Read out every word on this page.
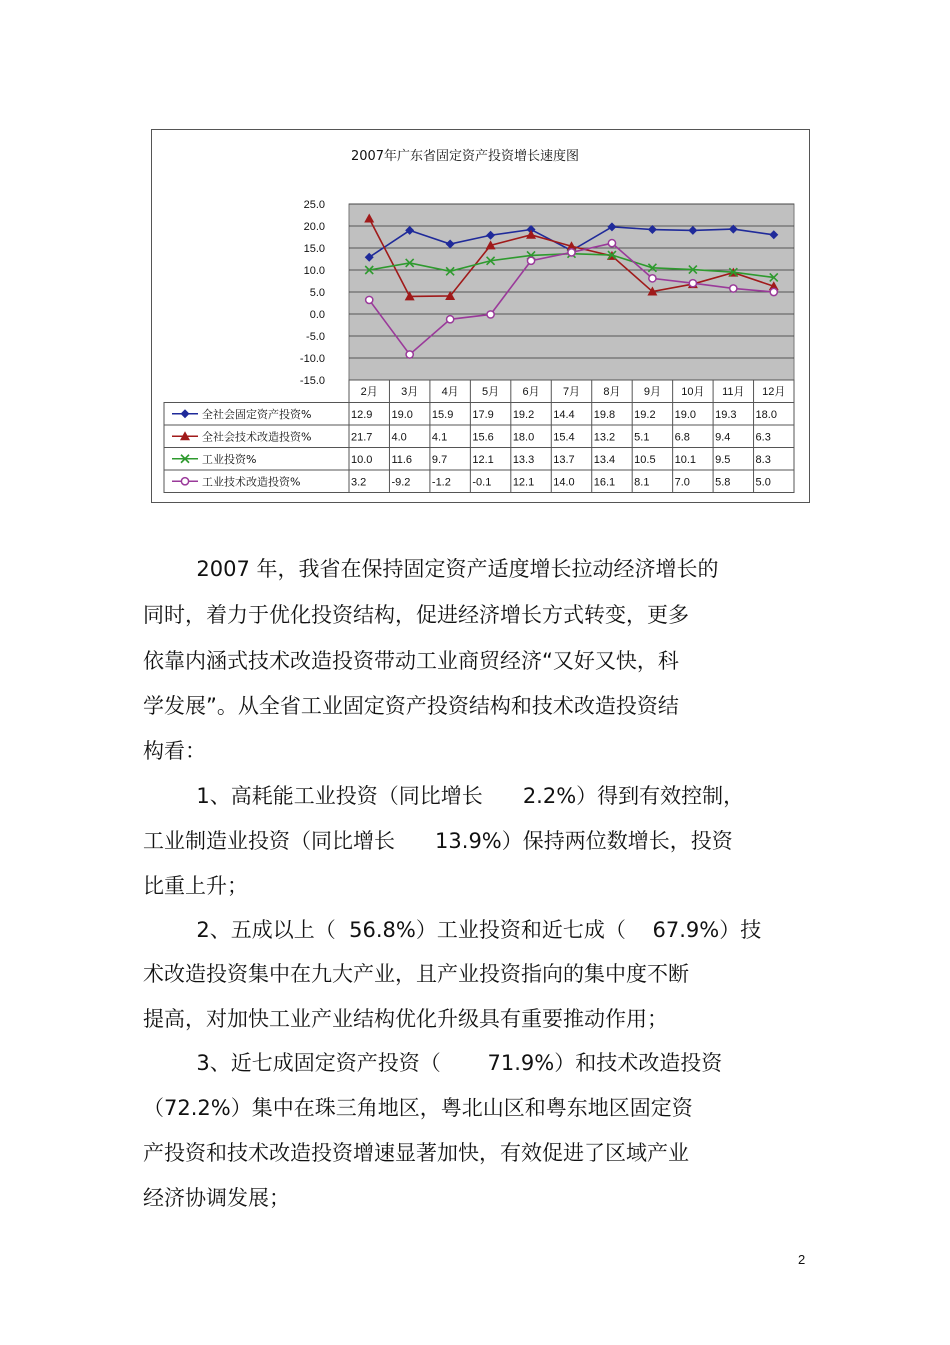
2007年广东省固定资产投资增长速度图
25.0
20.0
15.0
10.0
5.0
0.0
-5.0
-10.0
-15.0
2月 3月 4月 5月 6月 7月 8月 9月 10月 11月 12月
全社会固定资产投资%	12.9 19.0 15.9 17.9 19.2 14.4 19.8 19.2 19.0 19.3 18.0
全社会技术改造投资%	21.7 4.0 4.1 15.6 18.0 15.4 13.2 5.1 6.8 9.4 6.3
工业投资%	10.0 11.6 9.7 12.1 13.3 13.7 13.4 10.5 10.1 9.5 8.3
工业技术改造投资%	3.2 -9.2 -1.2 -0.1 12.1 14.0 16.1 8.1 7.0 5.8 5.0

2007 年，我省在保持固定资产适度增长拉动经济增长的

同时，着力于优化投资结构，促进经济增长方式转变，更多

依靠内涵式技术改造投资带动工业商贸经济“又好又快，科

学发展”。从全省工业固定资产投资结构和技术改造投资结

构看：

1、高耗能工业投资（同比增长      2.2%）得到有效控制，

工业制造业投资（同比增长      13.9%）保持两位数增长，投资

比重上升；

2、五成以上（  56.8%）工业投资和近七成（    67.9%）技

术改造投资集中在九大产业，且产业投资指向的集中度不断

提高，对加快工业产业结构优化升级具有重要推动作用；

3、近七成固定资产投资（       71.9%）和技术改造投资

（72.2%）集中在珠三角地区，粤北山区和粤东地区固定资

产投资和技术改造投资增速显著加快，有效促进了区域产业

经济协调发展；

2
